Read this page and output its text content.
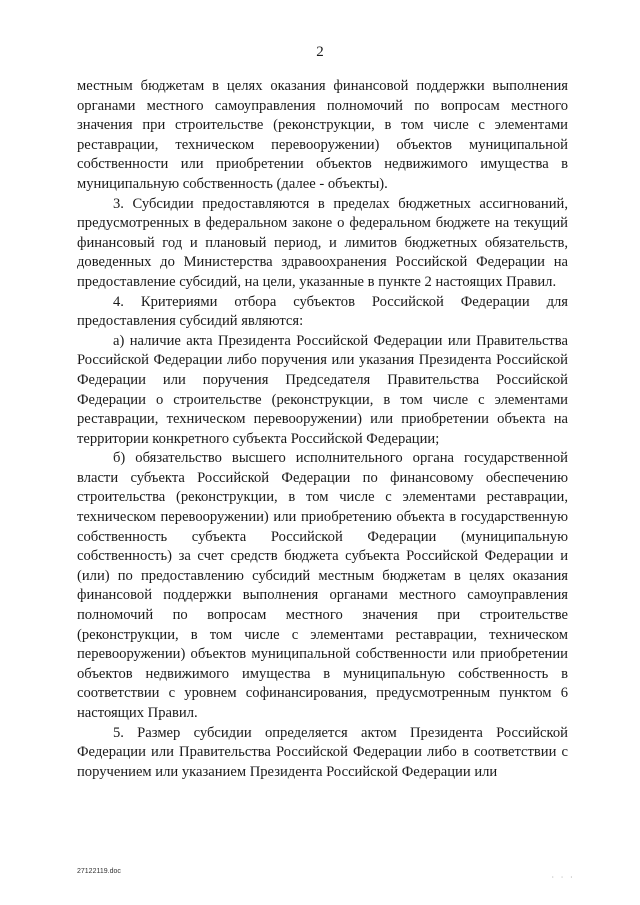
2

местным бюджетам в целях оказания финансовой поддержки выполнения органами местного самоуправления полномочий по вопросам местного значения при строительстве (реконструкции, в том числе с элементами реставрации, техническом перевооружении) объектов муниципальной собственности или приобретении объектов недвижимого имущества в муниципальную собственность (далее - объекты).

3. Субсидии предоставляются в пределах бюджетных ассигнований, предусмотренных в федеральном законе о федеральном бюджете на текущий финансовый год и плановый период, и лимитов бюджетных обязательств, доведенных до Министерства здравоохранения Российской Федерации на предоставление субсидий, на цели, указанные в пункте 2 настоящих Правил.

4. Критериями отбора субъектов Российской Федерации для предоставления субсидий являются:

а) наличие акта Президента Российской Федерации или Правительства Российской Федерации либо поручения или указания Президента Российской Федерации или поручения Председателя Правительства Российской Федерации о строительстве (реконструкции, в том числе с элементами реставрации, техническом перевооружении) или приобретении объекта на территории конкретного субъекта Российской Федерации;

б) обязательство высшего исполнительного органа государственной власти субъекта Российской Федерации по финансовому обеспечению строительства (реконструкции, в том числе с элементами реставрации, техническом перевооружении) или приобретению объекта в государственную собственность субъекта Российской Федерации (муниципальную собственность) за счет средств бюджета субъекта Российской Федерации и (или) по предоставлению субсидий местным бюджетам в целях оказания финансовой поддержки выполнения органами местного самоуправления полномочий по вопросам местного значения при строительстве (реконструкции, в том числе с элементами реставрации, техническом перевооружении) объектов муниципальной собственности или приобретении объектов недвижимого имущества в муниципальную собственность в соответствии с уровнем софинансирования, предусмотренным пунктом 6 настоящих Правил.

5. Размер субсидии определяется актом Президента Российской Федерации или Правительства Российской Федерации либо в соответствии с поручением или указанием Президента Российской Федерации или

27122119.doc
· · ·
